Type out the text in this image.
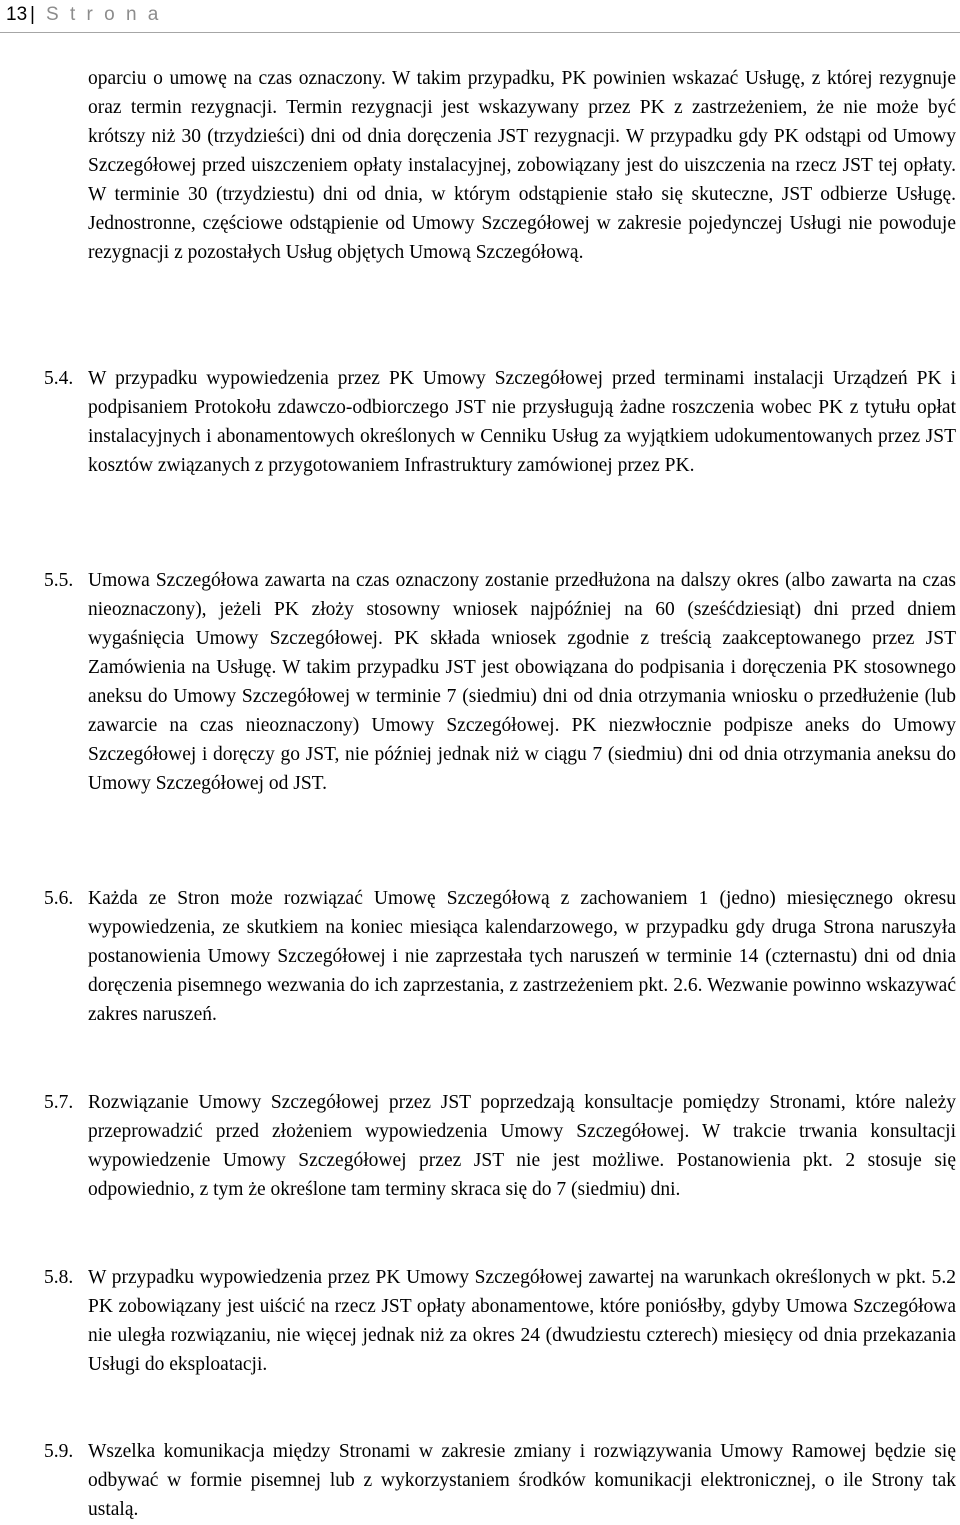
13 | S t r o n a

oparciu o umowę na czas oznaczony. W takim przypadku, PK powinien wskazać Usługę, z której rezygnuje oraz termin rezygnacji. Termin rezygnacji jest wskazywany przez PK z zastrzeżeniem, że nie może być krótszy niż 30 (trzydzieści) dni od dnia doręczenia JST rezygnacji. W przypadku gdy PK odstąpi od Umowy Szczegółowej przed uiszczeniem opłaty instalacyjnej, zobowiązany jest do uiszczenia na rzecz JST tej opłaty. W terminie 30 (trzydziestu) dni od dnia, w którym odstąpienie stało się skuteczne, JST odbierze Usługę. Jednostronne, częściowe odstąpienie od Umowy Szczegółowej w zakresie pojedynczej Usługi nie powoduje rezygnacji z pozostałych Usług objętych Umową Szczegółową.

5.4. W przypadku wypowiedzenia przez PK Umowy Szczegółowej przed terminami instalacji Urządzeń PK i podpisaniem Protokołu zdawczo-odbiorczego JST nie przysługują żadne roszczenia wobec PK z tytułu opłat instalacyjnych i abonamentowych określonych w Cenniku Usług za wyjątkiem udokumentowanych przez JST kosztów związanych z przygotowaniem Infrastruktury zamówionej przez PK.

5.5. Umowa Szczegółowa zawarta na czas oznaczony zostanie przedłużona na dalszy okres (albo zawarta na czas nieoznaczony), jeżeli PK złoży stosowny wniosek najpóźniej na 60 (sześćdziesiąt) dni przed dniem wygaśnięcia Umowy Szczegółowej. PK składa wniosek zgodnie z treścią zaakceptowanego przez JST Zamówienia na Usługę. W takim przypadku JST jest obowiązana do podpisania i doręczenia PK stosownego aneksu do Umowy Szczegółowej w terminie 7 (siedmiu) dni od dnia otrzymania wniosku o przedłużenie (lub zawarcie na czas nieoznaczony) Umowy Szczegółowej. PK niezwłocznie podpisze aneks do Umowy Szczegółowej i doręczy go JST, nie później jednak niż w ciągu 7 (siedmiu) dni od dnia otrzymania aneksu do Umowy Szczegółowej od JST.

5.6. Każda ze Stron może rozwiązać Umowę Szczegółową z zachowaniem 1 (jedno) miesięcznego okresu wypowiedzenia, ze skutkiem na koniec miesiąca kalendarzowego, w przypadku gdy druga Strona naruszyła postanowienia Umowy Szczegółowej i nie zaprzestała tych naruszeń w terminie 14 (czternastu) dni od dnia doręczenia pisemnego wezwania do ich zaprzestania, z zastrzeżeniem pkt. 2.6. Wezwanie powinno wskazywać zakres naruszeń.

5.7. Rozwiązanie Umowy Szczegółowej przez JST poprzedzają konsultacje pomiędzy Stronami, które należy przeprowadzić przed złożeniem wypowiedzenia Umowy Szczegółowej. W trakcie trwania konsultacji wypowiedzenie Umowy Szczegółowej przez JST nie jest możliwe. Postanowienia pkt. 2 stosuje się odpowiednio, z tym że określone tam terminy skraca się do 7 (siedmiu) dni.

5.8. W przypadku wypowiedzenia przez PK Umowy Szczegółowej zawartej na warunkach określonych w pkt. 5.2 PK zobowiązany jest uiścić na rzecz JST opłaty abonamentowe, które poniósłby, gdyby Umowa Szczegółowa nie uległa rozwiązaniu, nie więcej jednak niż za okres 24 (dwudziestu czterech) miesięcy od dnia przekazania Usługi do eksploatacji.

5.9. Wszelka komunikacja między Stronami w zakresie zmiany i rozwiązywania Umowy Ramowej będzie się odbywać w formie pisemnej lub z wykorzystaniem środków komunikacji elektronicznej, o ile Strony tak ustalą.
